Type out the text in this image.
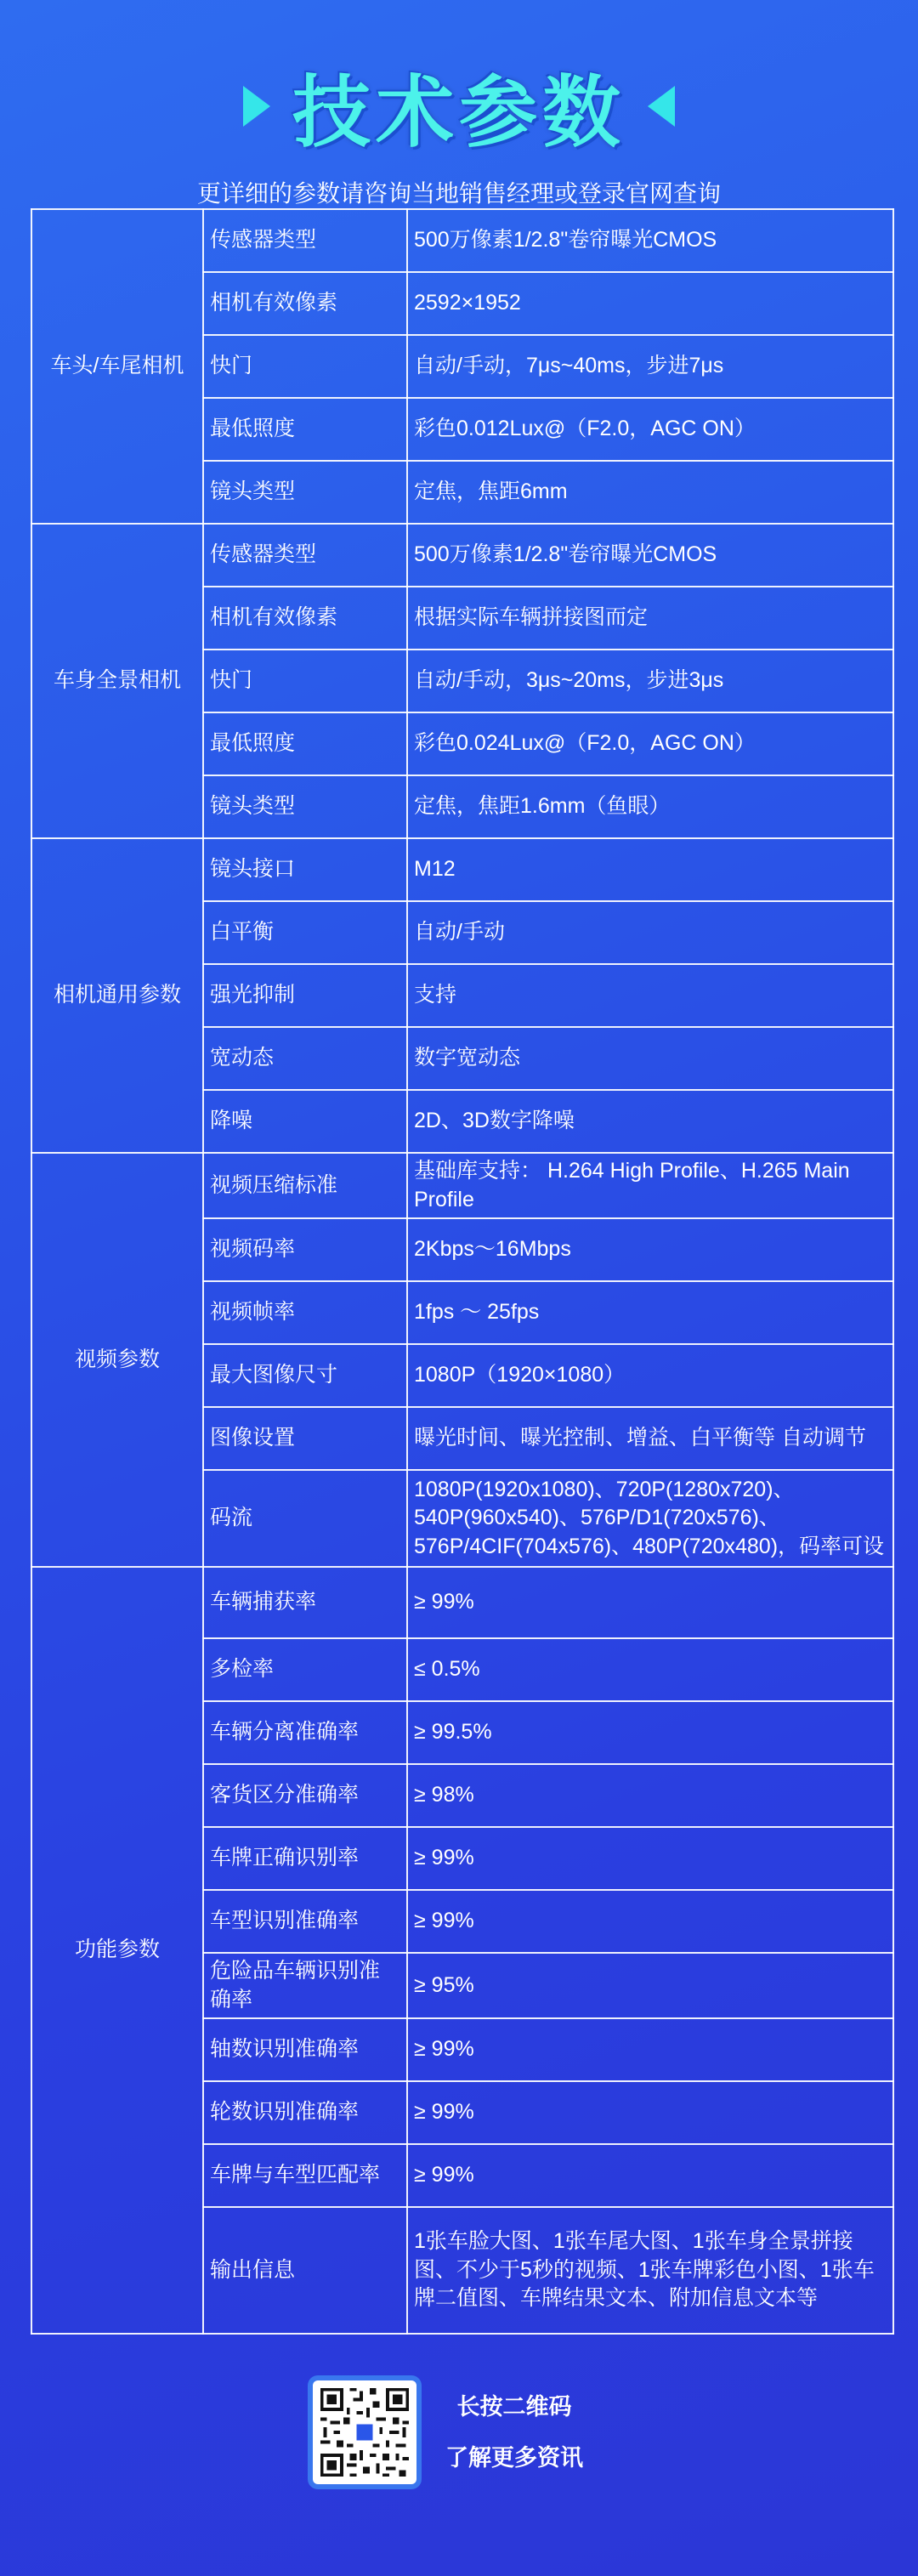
技术参数
更详细的参数请咨询当地销售经理或登录官网查询
车头/车尾相机	传感器类型	500万像素1/2.8"卷帘曝光CMOS
	相机有效像素	2592×1952
	快门	自动/手动，7μs~40ms，步进7μs
	最低照度	彩色0.012Lux@（F2.0，AGC ON）
	镜头类型	定焦，焦距6mm
车身全景相机	传感器类型	500万像素1/2.8"卷帘曝光CMOS
	相机有效像素	根据实际车辆拼接图而定
	快门	自动/手动，3μs~20ms，步进3μs
	最低照度	彩色0.024Lux@（F2.0，AGC ON）
	镜头类型	定焦，焦距1.6mm（鱼眼）
相机通用参数	镜头接口	M12
	白平衡	自动/手动
	强光抑制	支持
	宽动态	数字宽动态
	降噪	2D、3D数字降噪
视频参数	视频压缩标准	基础库支持： H.264 High Profile、H.265 Main Profile
	视频码率	2Kbps～16Mbps
	视频帧率	1fps ～ 25fps
	最大图像尺寸	1080P（1920×1080）
	图像设置	曝光时间、曝光控制、增益、白平衡等 自动调节
	码流	1080P(1920x1080)、720P(1280x720)、540P(960x540)、576P/D1(720x576)、576P/4CIF(704x576)、480P(720x480)，码率可设
功能参数	车辆捕获率	≥ 99%
	多检率	≤ 0.5%
	车辆分离准确率	≥ 99.5%
	客货区分准确率	≥ 98%
	车牌正确识别率	≥ 99%
	车型识别准确率	≥ 99%
	危险品车辆识别准确率	≥ 95%
	轴数识别准确率	≥ 99%
	轮数识别准确率	≥ 99%
	车牌与车型匹配率	≥ 99%
	输出信息	1张车脸大图、1张车尾大图、1张车身全景拼接图、不少于5秒的视频、1张车牌彩色小图、1张车牌二值图、车牌结果文本、附加信息文本等
长按二维码
了解更多资讯
